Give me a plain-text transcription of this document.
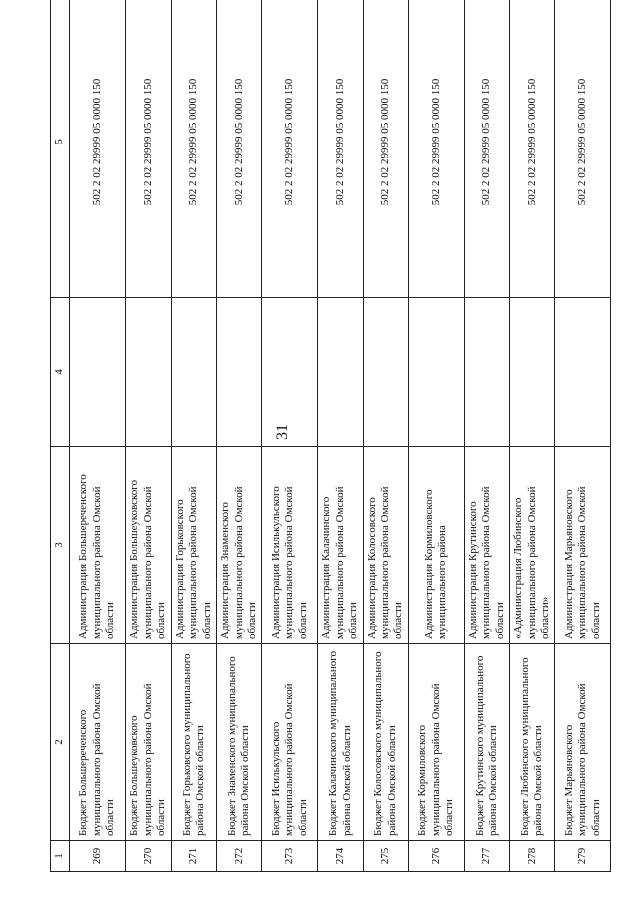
31
1	2	3	4	5
269	Бюджет Большереченского муниципального района Омской области	Администрация Большереченского муниципального района Омской области		502 2 02 29999 05 0000 150
270	Бюджет Большеуковского муниципального района Омской области	Администрация Большеуковского муниципального района Омской области		502 2 02 29999 05 0000 150
271	Бюджет Горьковского муниципального района Омской области	Администрация Горьковского муниципального района Омской области		502 2 02 29999 05 0000 150
272	Бюджет Знаменского муниципального района Омской области	Администрация Знаменского муниципального района Омской области		502 2 02 29999 05 0000 150
273	Бюджет Исилькульского муниципального района Омской области	Администрация Исилькульского муниципального района Омской области		502 2 02 29999 05 0000 150
274	Бюджет Калачинского муниципального района Омской области	Администрация Калачинского муниципального района Омской области		502 2 02 29999 05 0000 150
275	Бюджет Колосовского муниципального района Омской области	Администрация Колосовского муниципального района Омской области		502 2 02 29999 05 0000 150
276	Бюджет Кормиловского муниципального района Омской области	Администрация Кормиловского муниципального района		502 2 02 29999 05 0000 150
277	Бюджет Крутинского муниципального района Омской области	Администрация Крутинского муниципального района Омской области		502 2 02 29999 05 0000 150
278	Бюджет Любинского муниципального района Омской области	«Администрация Любинского муниципального района Омской области»		502 2 02 29999 05 0000 150
279	Бюджет Марьяновского муниципального района Омской области	Администрация Марьяновского муниципального района Омской области		502 2 02 29999 05 0000 150
